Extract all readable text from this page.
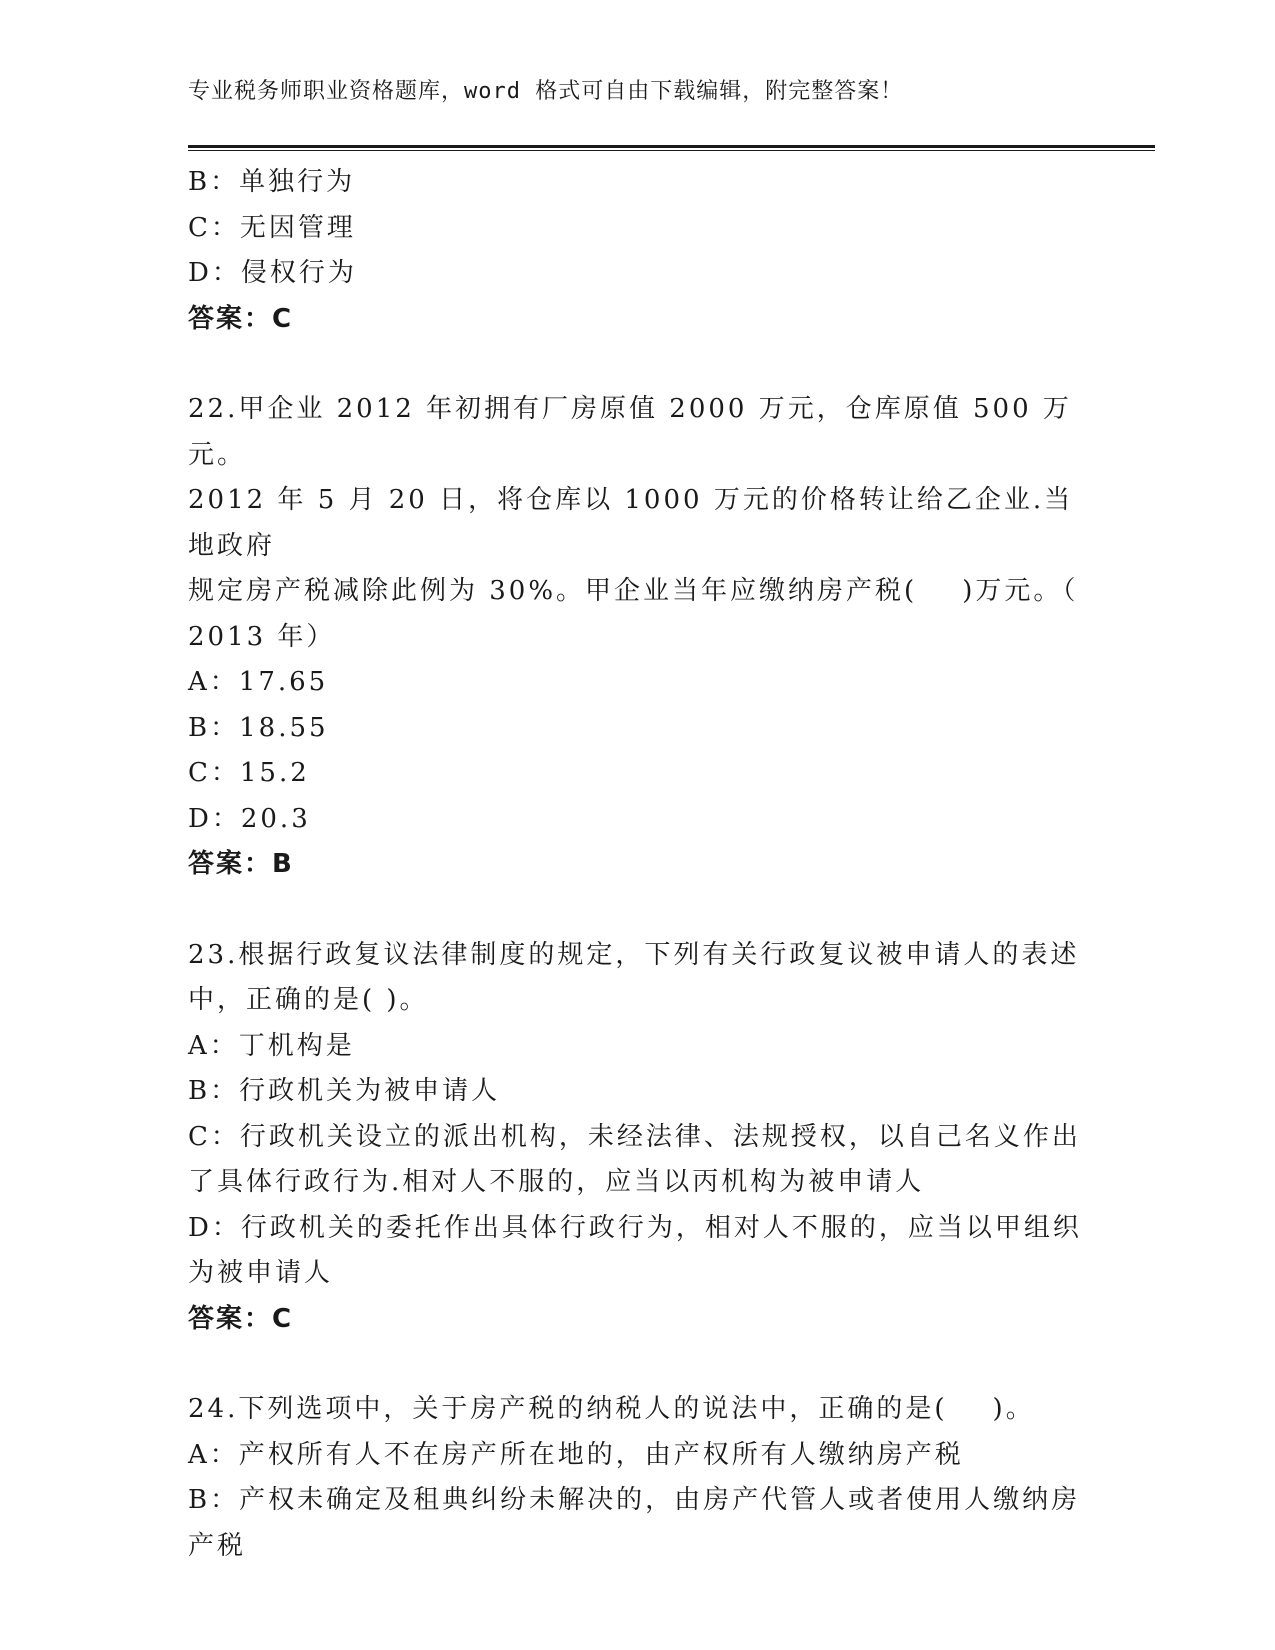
专业税务师职业资格题库，word 格式可自由下载编辑，附完整答案！

B：单独行为

C：无因管理

D：侵权行为

答案：C

22.甲企业 2012 年初拥有厂房原值 2000 万元，仓库原值 500 万元。

2012 年 5 月 20 日，将仓库以 1000 万元的价格转让给乙企业.当地政府

规定房产税减除此例为 30%。甲企业当年应缴纳房产税(    )万元。（

2013 年）

A：17.65

B：18.55

C：15.2

D：20.3

答案：B

23.根据行政复议法律制度的规定，下列有关行政复议被申请人的表述

中，正确的是( )。

A：丁机构是

B：行政机关为被申请人

C：行政机关设立的派出机构，未经法律、法规授权，以自己名义作出

了具体行政行为.相对人不服的，应当以丙机构为被申请人

D：行政机关的委托作出具体行政行为，相对人不服的，应当以甲组织

为被申请人

答案：C

24.下列选项中，关于房产税的纳税人的说法中，正确的是(    )。

A：产权所有人不在房产所在地的，由产权所有人缴纳房产税

B：产权未确定及租典纠纷未解决的，由房产代管人或者使用人缴纳房

产税
